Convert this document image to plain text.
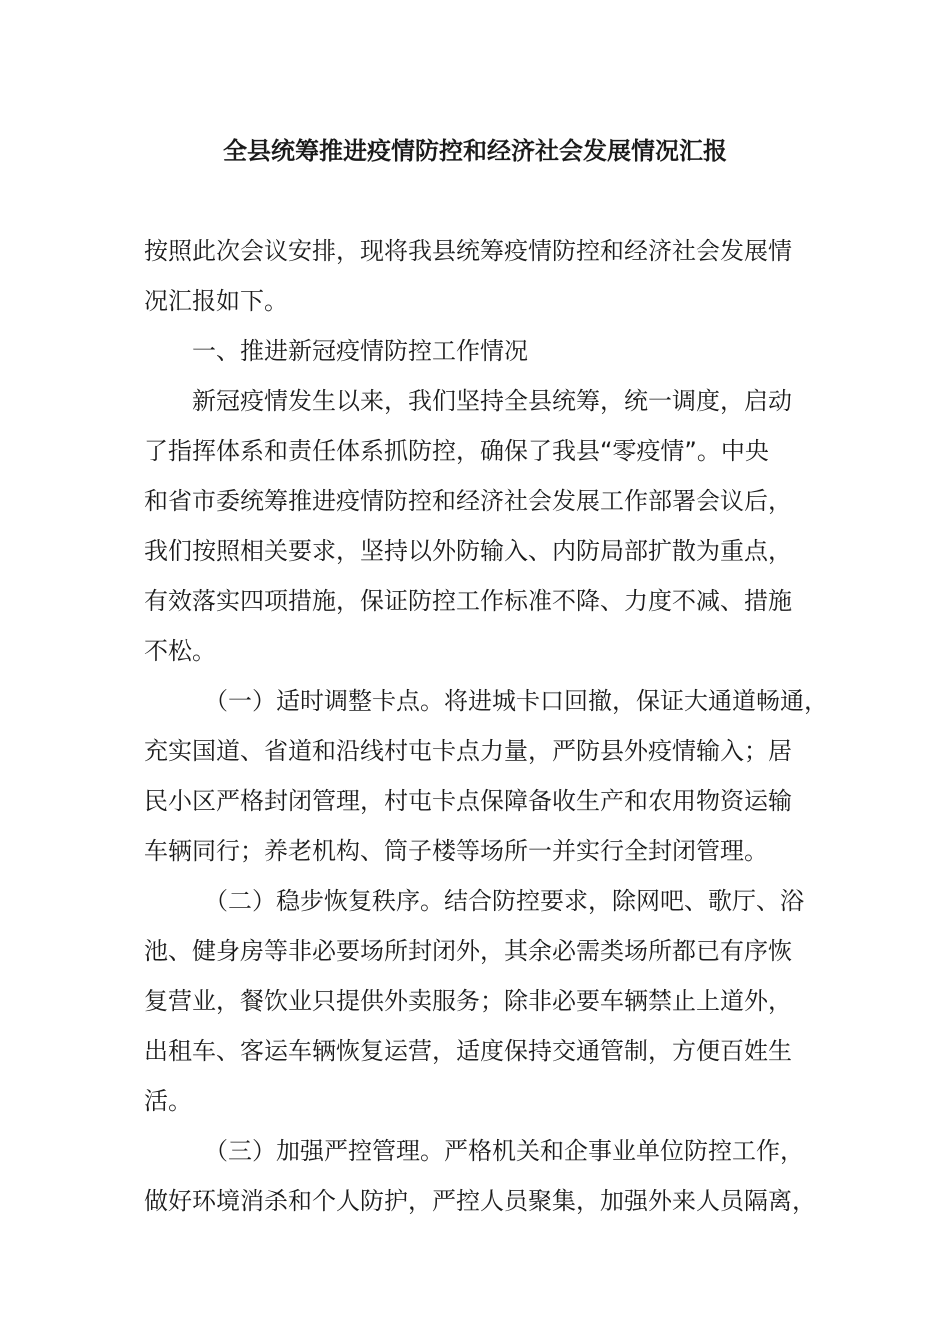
全县统筹推进疫情防控和经济社会发展情况汇报
按照此次会议安排，现将我县统筹疫情防控和经济社会发展情
况汇报如下。
一、推进新冠疫情防控工作情况
新冠疫情发生以来，我们坚持全县统筹，统一调度，启动
了指挥体系和责任体系抓防控，确保了我县“零疫情”。中央
和省市委统筹推进疫情防控和经济社会发展工作部署会议后，
我们按照相关要求，坚持以外防输入、内防局部扩散为重点，
有效落实四项措施，保证防控工作标准不降、力度不减、措施
不松。
（一）适时调整卡点。将进城卡口回撤，保证大通道畅通，
充实国道、省道和沿线村屯卡点力量，严防县外疫情输入；居
民小区严格封闭管理，村屯卡点保障备收生产和农用物资运输
车辆同行；养老机构、筒子楼等场所一并实行全封闭管理。
（二）稳步恢复秩序。结合防控要求，除网吧、歌厅、浴
池、健身房等非必要场所封闭外，其余必需类场所都已有序恢
复营业，餐饮业只提供外卖服务；除非必要车辆禁止上道外，
出租车、客运车辆恢复运营，适度保持交通管制，方便百姓生
活。
（三）加强严控管理。严格机关和企事业单位防控工作，
做好环境消杀和个人防护，严控人员聚集，加强外来人员隔离，
